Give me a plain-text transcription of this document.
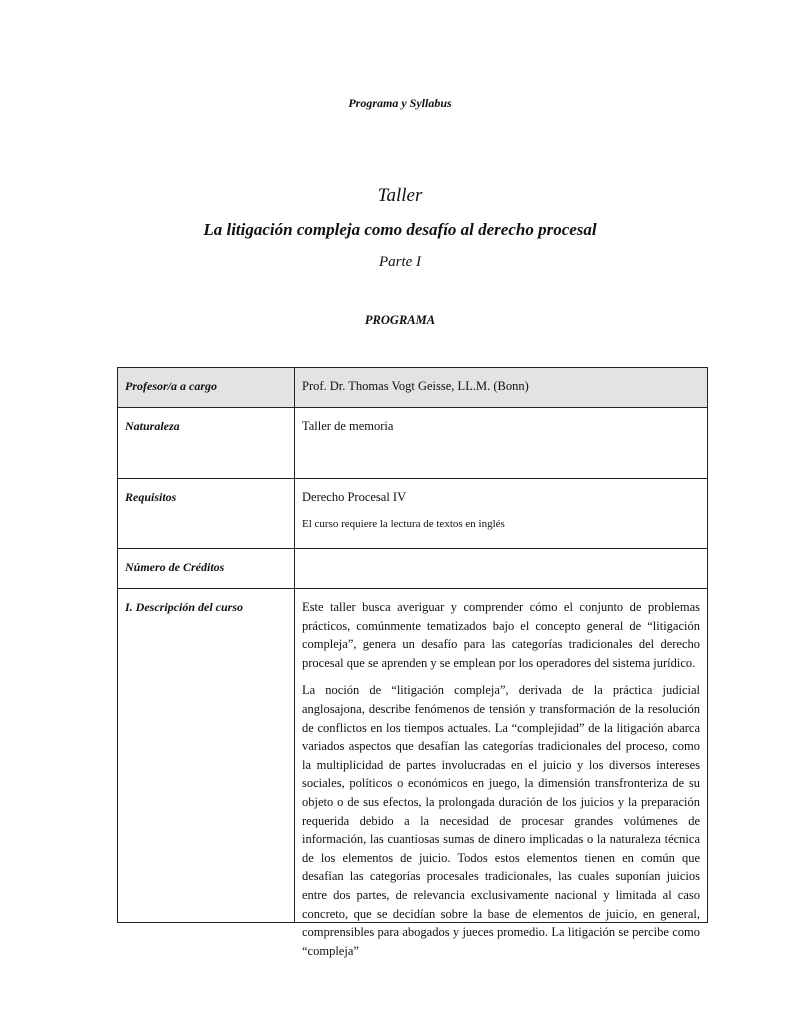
Programa y Syllabus
Taller
La litigación compleja como desafío al derecho procesal
Parte I
PROGRAMA
Profesor/a a cargo	Prof. Dr. Thomas Vogt Geisse, LL.M. (Bonn)
Naturaleza	Taller de memoria
Requisitos	Derecho Procesal IV
El curso requiere la lectura de textos en inglés

Número de Créditos	
I. Descripción del curso	Este taller busca averiguar y comprender cómo el conjunto de problemas prácticos, comúnmente tematizados bajo el concepto general de “litigación compleja”, genera un desafío para las categorías tradicionales del derecho procesal que se aprenden y se emplean por los operadores del sistema jurídico.

La noción de “litigación compleja”, derivada de la práctica judicial anglosajona, describe fenómenos de tensión y transformación de la resolución de conflictos en los tiempos actuales. La “complejidad” de la litigación abarca variados aspectos que desafían las categorías tradicionales del proceso, como la multiplicidad de partes involucradas en el juicio y los diversos intereses sociales, políticos o económicos en juego, la dimensión transfronteriza de su objeto o de sus efectos, la prolongada duración de los juicios y la preparación requerida debido a la necesidad de procesar grandes volúmenes de información, las cuantiosas sumas de dinero implicadas o la naturaleza técnica de los elementos de juicio. Todos estos elementos tienen en común que desafían las categorías procesales tradicionales, las cuales suponían juicios entre dos partes, de relevancia exclusivamente nacional y limitada al caso concreto, que se decidían sobre la base de elementos de juicio, en general, comprensibles para abogados y jueces promedio. La litigación se percibe como “compleja”
